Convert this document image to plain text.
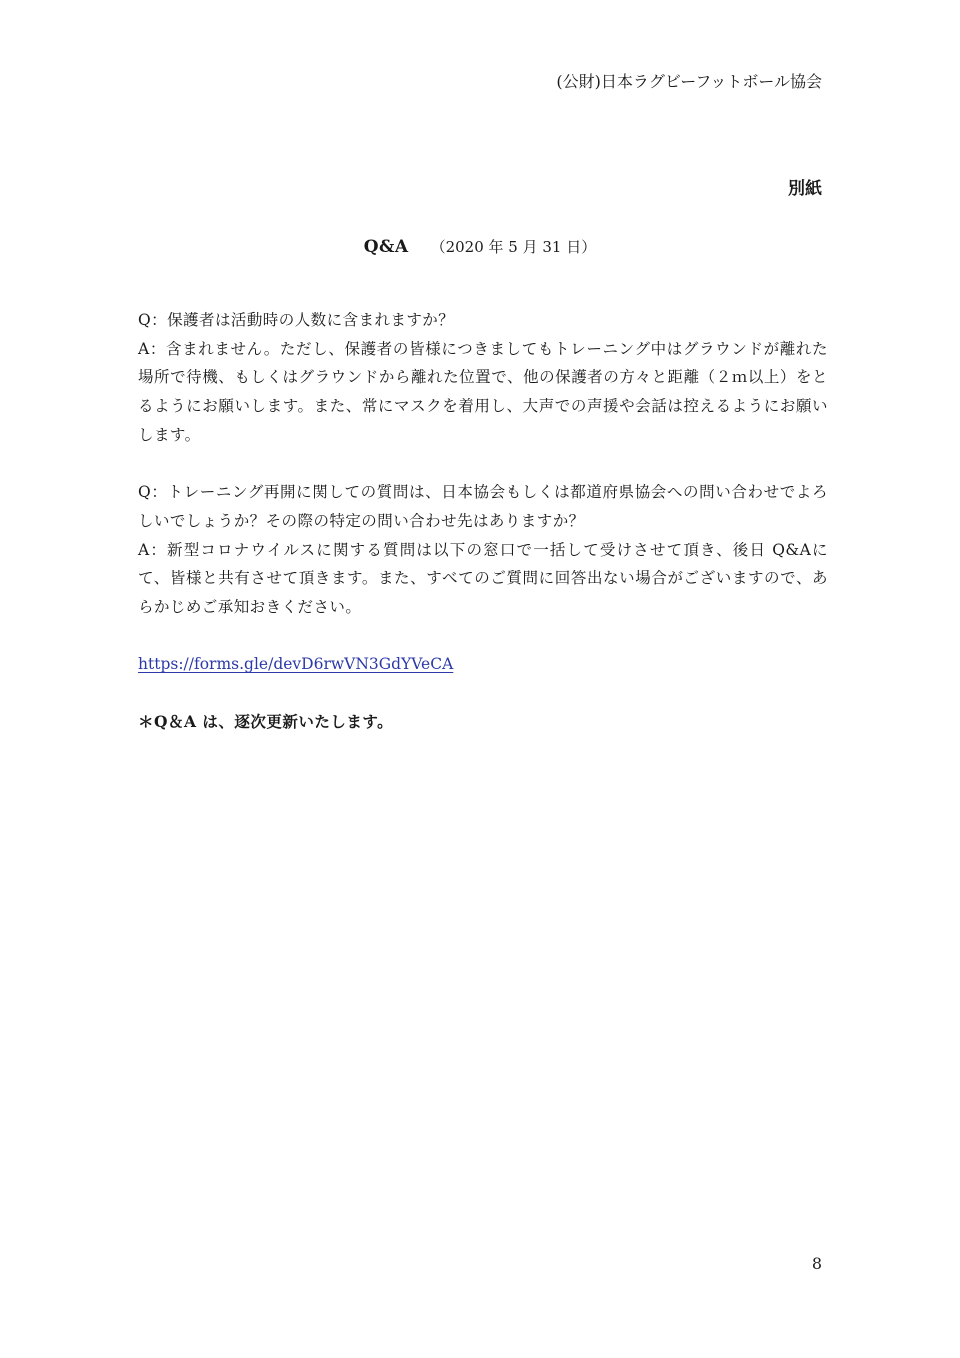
(公財)日本ラグビーフットボール協会
別紙
Q&A （2020 年 5 月 31 日）

Q：保護者は活動時の人数に含まれますか？

A：含まれません。ただし、保護者の皆様につきましてもトレーニング中はグラウンドが離れた場所で待機、もしくはグラウンドから離れた位置で、他の保護者の方々と距離（２ｍ以上）をとるようにお願いします。また、常にマスクを着用し、大声での声援や会話は控えるようにお願いします。

Q：トレーニング再開に関しての質問は、日本協会もしくは都道府県協会への問い合わせでよろしいでしょうか？その際の特定の問い合わせ先はありますか？

A：新型コロナウイルスに関する質問は以下の窓口で一括して受けさせて頂き、後日 Q&Aにて、皆様と共有させて頂きます。また、すべてのご質問に回答出ない場合がございますので、あらかじめご承知おきください。

https://forms.gle/devD6rwVN3GdYVeCA

＊Q＆A は、逐次更新いたします。

8
